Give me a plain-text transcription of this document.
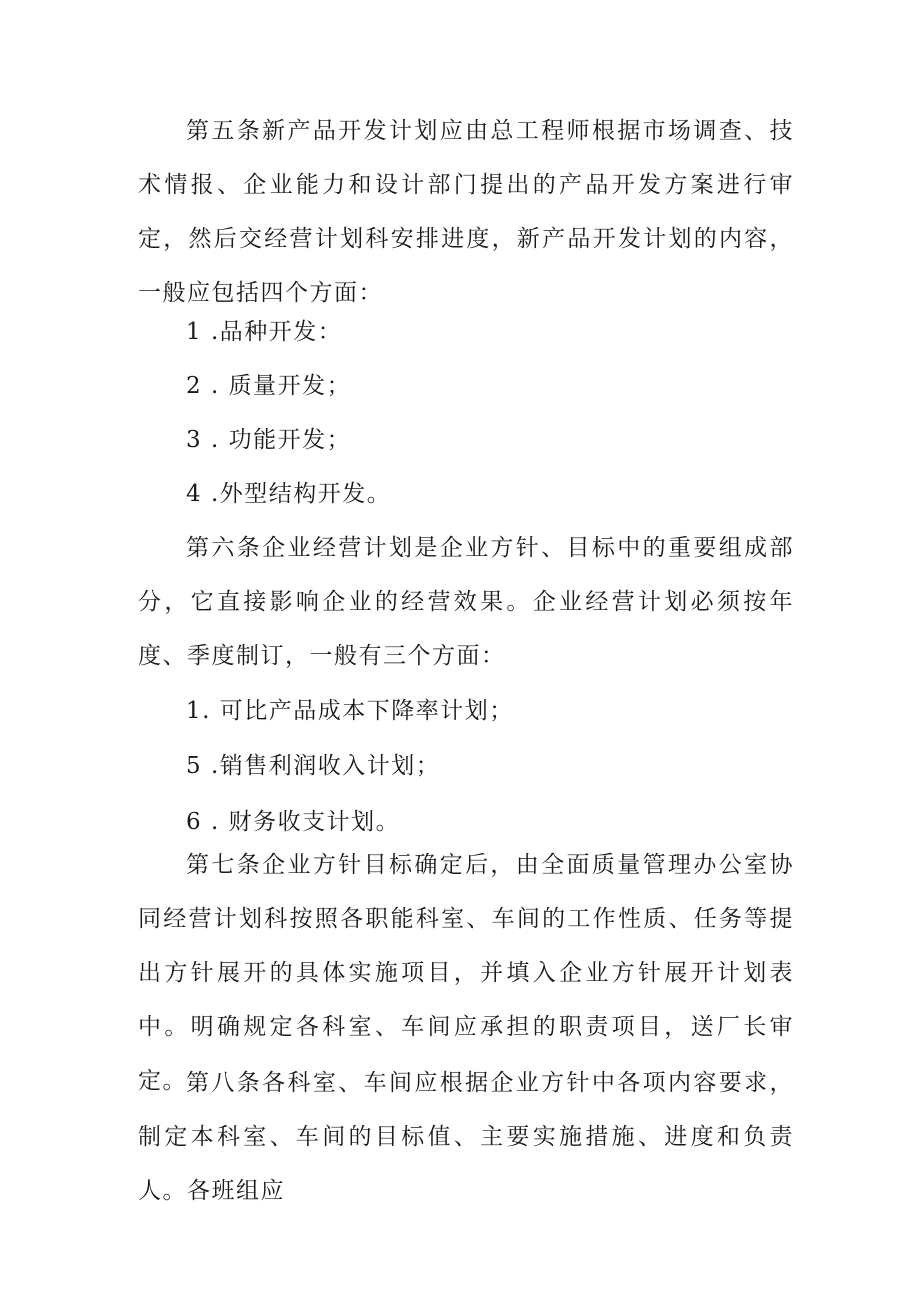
第五条新产品开发计划应由总工程师根据市场调查、技术情报、企业能力和设计部门提出的产品开发方案进行审定，然后交经营计划科安排进度，新产品开发计划的内容，一般应包括四个方面：

1 .品种开发：

2 . 质量开发；

3 . 功能开发；

4 .外型结构开发。

第六条企业经营计划是企业方针、目标中的重要组成部分，它直接影响企业的经营效果。企业经营计划必须按年度、季度制订，一般有三个方面：

1. 可比产品成本下降率计划；

5 .销售利润收入计划；

6 . 财务收支计划。

第七条企业方针目标确定后，由全面质量管理办公室协同经营计划科按照各职能科室、车间的工作性质、任务等提出方针展开的具体实施项目，并填入企业方针展开计划表中。明确规定各科室、车间应承担的职责项目，送厂长审定。 第八条各科室、车间应根据企业方针中各项内容要求，制定本科室、车间的目标值、主要实施措施、进度和负责人。各班组应
